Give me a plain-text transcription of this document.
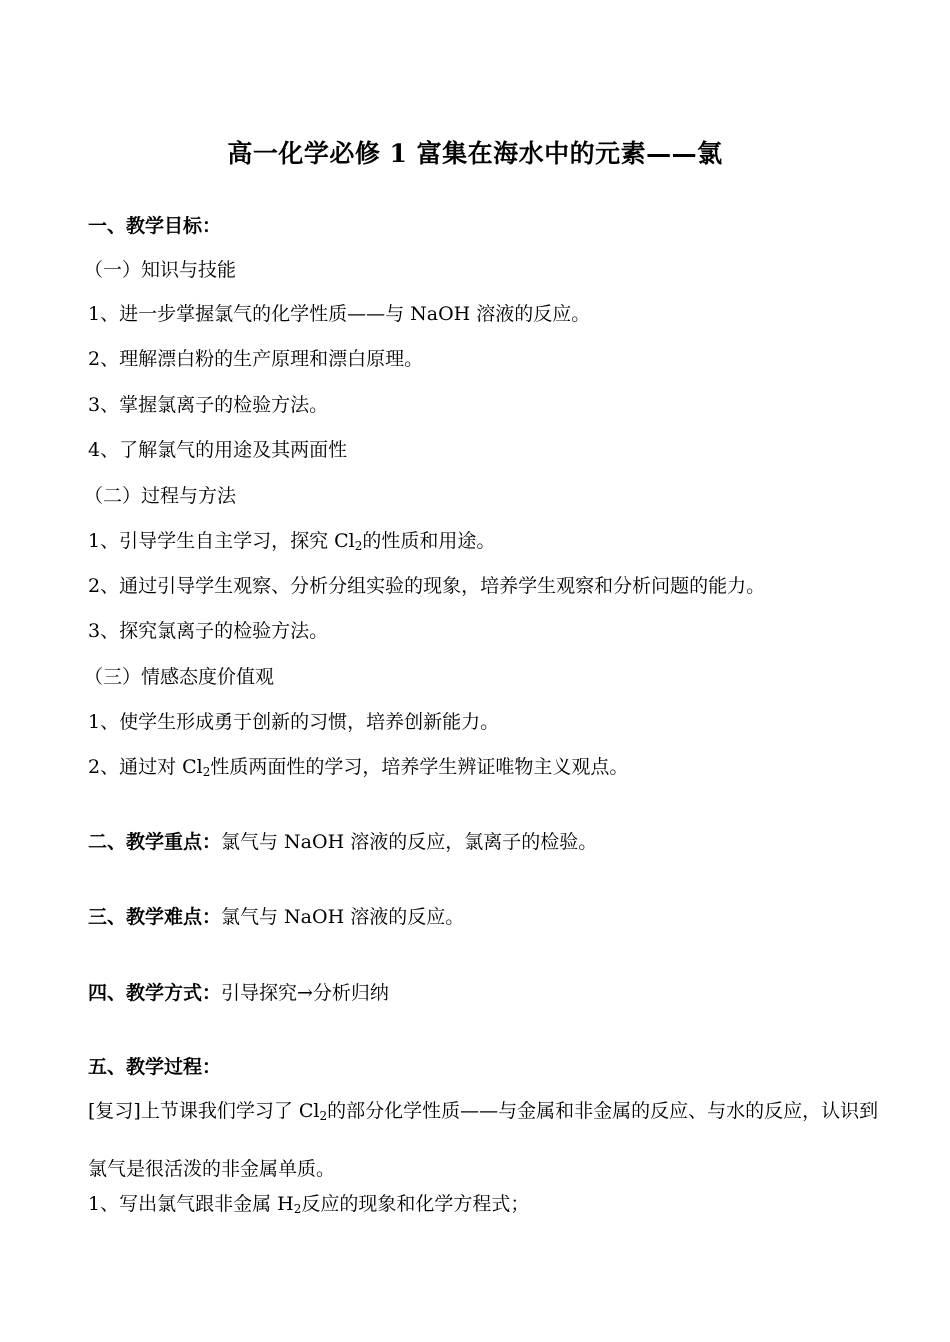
高一化学必修 1 富集在海水中的元素——氯
一、教学目标：
（一）知识与技能
1、进一步掌握氯气的化学性质——与 NaOH 溶液的反应。
2、理解漂白粉的生产原理和漂白原理。
3、掌握氯离子的检验方法。
4、了解氯气的用途及其两面性
（二）过程与方法
1、引导学生自主学习，探究 $Cl_2$的性质和用途。
2、通过引导学生观察、分析分组实验的现象，培养学生观察和分析问题的能力。
3、探究氯离子的检验方法。
（三）情感态度价值观
1、使学生形成勇于创新的习惯，培养创新能力。
2、通过对 $Cl_2$性质两面性的学习，培养学生辨证唯物主义观点。
二、教学重点：氯气与 NaOH 溶液的反应，氯离子的检验。
三、教学难点：氯气与 NaOH 溶液的反应。
四、教学方式：引导探究→分析归纳
五、教学过程：
[复习]上节课我们学习了 $Cl_2$的部分化学性质——与金属和非金属的反应、与水的反应，认识到氯气是很活泼的非金属单质。
1、写出氯气跟非金属 $H_2$反应的现象和化学方程式；
